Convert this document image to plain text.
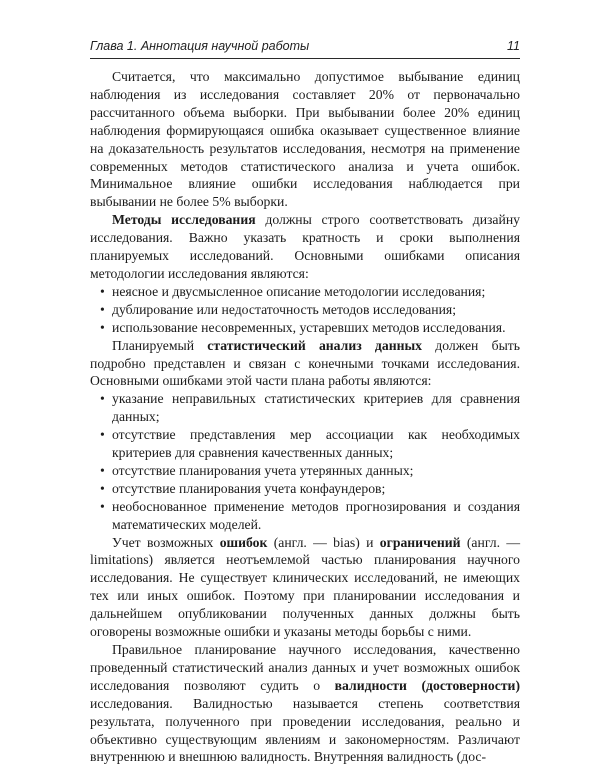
Глава 1. Аннотация научной работы	11

Считается, что максимально допустимое выбывание единиц наблюдения из исследования составляет 20% от первоначально рассчитанного объема выборки. При выбывании более 20% единиц наблюдения формирующаяся ошибка оказывает существенное влияние на доказательность результатов исследования, несмотря на применение современных методов статистического анализа и учета ошибок. Минимальное влияние ошибки исследования наблюдается при выбывании не более 5% выборки.

Методы исследования должны строго соответствовать дизайну исследования. Важно указать кратность и сроки выполнения планируемых исследований. Основными ошибками описания методологии исследования являются:

• неясное и двусмысленное описание методологии исследования;
• дублирование или недостаточность методов исследования;
• использование несовременных, устаревших методов исследования.

Планируемый статистический анализ данных должен быть подробно представлен и связан с конечными точками исследования. Основными ошибками этой части плана работы являются:

• указание неправильных статистических критериев для сравнения данных;
• отсутствие представления мер ассоциации как необходимых критериев для сравнения качественных данных;
• отсутствие планирования учета утерянных данных;
• отсутствие планирования учета конфаундеров;
• необоснованное применение методов прогнозирования и создания математических моделей.

Учет возможных ошибок (англ. — bias) и ограничений (англ. — limitations) является неотъемлемой частью планирования научного исследования. Не существует клинических исследований, не имеющих тех или иных ошибок. Поэтому при планировании исследования и дальнейшем опубликовании полученных данных должны быть оговорены возможные ошибки и указаны методы борьбы с ними.

Правильное планирование научного исследования, качественно проведенный статистический анализ данных и учет возможных ошибок исследования позволяют судить о валидности (достоверности) исследования. Валидностью называется степень соответствия результата, полученного при проведении исследования, реально и объективно существующим явлениям и закономерностям. Различают внутреннюю и внешнюю валидность. Внутренняя валидность (дос-
